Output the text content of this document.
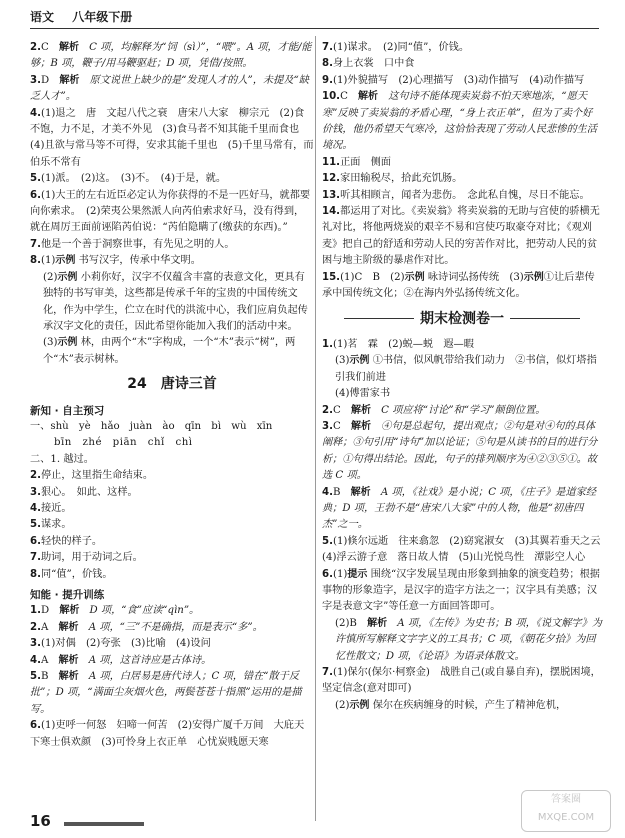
语文 八年级下册

2.C　 解析　 C 项，均解释为“饲（sì）”，“喂”。A 项，才能/能够；B 项，鞭子/用马鞭驱赶；D 项，凭借/按照。

3.D　 解析　 原文说世上缺少的是“发现人才的人”，未提及“缺乏人才”。

4.(1)退之　唐　文起八代之衰　唐宋八大家　柳宗元　(2)食不饱，力不足，才美不外见　(3)食马者不知其能千里而食也　(4)且欲与常马等不可得，安求其能千里也　(5)千里马常有，而伯乐不常有

5.(1)派。　(2)这。　(3)不。　(4)于是，就。

6.(1)大王的左右近臣必定认为你获得的不是一匹好马，就都要向你索求。　(2)荣夷公果然派人向芮伯索求好马，没有得到，就在周厉王面前诬陷芮伯说：“芮伯隐瞒了(缴获的东西)。”

7.他是一个善于洞察世事，有先见之明的人。

8.(1)示例 书写汉字，传承中华文明。

(2)示例 小莉你好，汉字不仅蕴含丰富的表意文化，更具有独特的书写审美，这些都是传承千年的宝贵的中国传统文化，作为中学生，伫立在时代的洪流中心，我们应肩负起传承汉字文化的责任，因此希望你能加入我们的活动中来。

(3)示例 林，由两个“木”字构成，一个“木”表示“树”，两个“木”表示树林。

24　 唐诗三首

新知 · 自主预习

一、shù　yè　hǎo　juàn　ào　qīn　bì　wù　xīn

bīn　zhé　piān　chǐ　chì

二、1. 越过。

2.停止，这里指生命结束。

3.狠心。　如此、这样。

4.接近。

5.谋求。

6.轻快的样子。

7.助词，用于动词之后。

8.同“值”，价钱。

知能 · 提升训练

1.D　 解析　 D 项，“食”应读“qìn”。

2.A　 解析　 A 项，“三”不是确指，而是表示“多”。

3.(1)对偶　(2)夸张　(3)比喻　(4)设问

4.A　 解析　 A 项，这首诗应是古体诗。

5.B　 解析　 A 项，白居易是唐代诗人；C 项，错在“散于反批”；D 项，“满面尘灰烟火色，两鬓苍苍十指黑”运用的是描写。

6.(1)吏呼一何怒　妇啼一何苦　(2)安得广厦千万间　大庇天下寒士俱欢颜　(3)可怜身上衣正单　心忧炭贱愿天寒

7.(1)谋求。　(2)同“值”，价钱。

8.身上衣裳　口中食

9.(1)外貌描写　(2)心理描写　(3)动作描写　(4)动作描写

10.C　 解析　 这句诗不能体现卖炭翁不怕天寒地冻，“愿天寒”反映了卖炭翁的矛盾心理，“身上衣正单”，但为了卖个好价钱，他仍希望天气寒冷，这恰恰表现了劳动人民悲惨的生活境况。

11.正面　侧面

12.家田输税尽，拾此充饥肠。

13.听其相顾言，闻者为悲伤。　念此私自愧，尽日不能忘。

14.都运用了对比。《卖炭翁》将卖炭翁的无助与宫使的骄横无礼对比，将他两烧炭的艰辛不易和宫使巧取豪夺对比；《观刈麦》把自己的舒适和劳动人民的穷苦作对比，把劳动人民的贫困与地主阶级的暴虐作对比。

15.(1)C　B　(2)示例 咏诗词弘扬传统　(3)示例①让后辈传承中国传统文化；②在海内外弘扬传统文化。

期末检测卷一

1.(1)茗　霖　(2)蜕—蜕　遐—暇

(3)示例 ①书信，似风帆带给我们动力　②书信，似灯塔指引我们前进

(4)傅雷家书

2.C　 解析　 C 项应将“讨论”和“学习”颠倒位置。

3.C　 解析　 ④句是总起句，提出观点；②句是对④句的具体阐释；③句引用“诗句”加以论证；⑤句是从读书的目的进行分析；①句得出结论。因此，句子的排列顺序为④②③⑤①。故选 C 项。

4.B　 解析　 A 项，《社戏》是小说；C 项，《庄子》是道家经典；D 项，王勃不是“唐宋八大家”中的人物，他是“初唐四杰”之一。

5.(1)倏尔远逝　往来翕忽　(2)窈窕淑女　(3)其翼若垂天之云　(4)浮云游子意　落日故人情　(5)山光悦鸟性　潭影空人心

6.(1)提示 围绕“汉字发展呈现由形象到抽象的演变趋势；根据事物的形象造字，是汉字的造字方法之一；汉字具有美感；汉字是表意文字”等任意一方面回答即可。

(2)B　 解析　 A 项，《左传》为史书；B 项，《说文解字》为许慎所写解释文字字义的工具书；C 项，《朝花夕拾》为回忆性散文；D 项，《论语》为语录体散文。

7.(1)保尔(保尔·柯察金)　战胜自己(或自暴自弃)，摆脱困境，坚定信念(意对即可)

(2)示例 保尔在疾病缠身的时候，产生了精神危机，

16
答案圈
MXQE.COM
